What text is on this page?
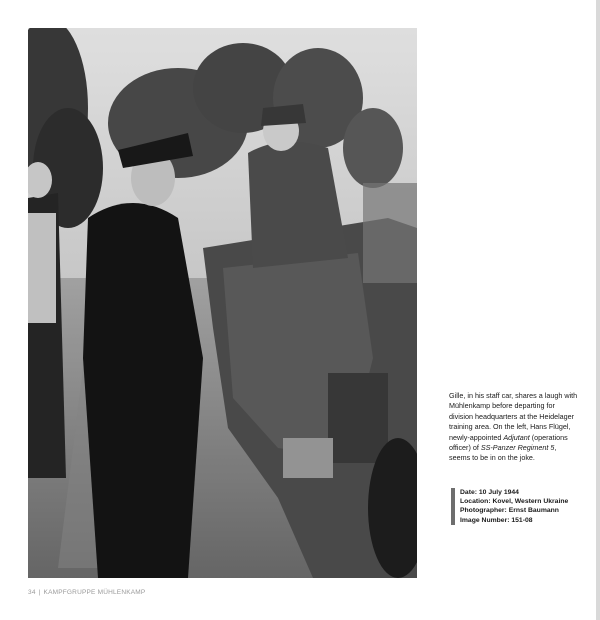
Gille, in his staff car, shares a laugh with Mühlenkamp before departing for division headquarters at the Heidelager training area. On the left, Hans Flügel, newly-appointed Adjutant (operations officer) of SS-Panzer Regiment 5, seems to be in on the joke.

Date: 10 July 1944
Location: Kovel, Western Ukraine
Photographer: Ernst Baumann
Image Number: 151-08
34 | KAMPFGRUPPE MÜHLENKAMP
